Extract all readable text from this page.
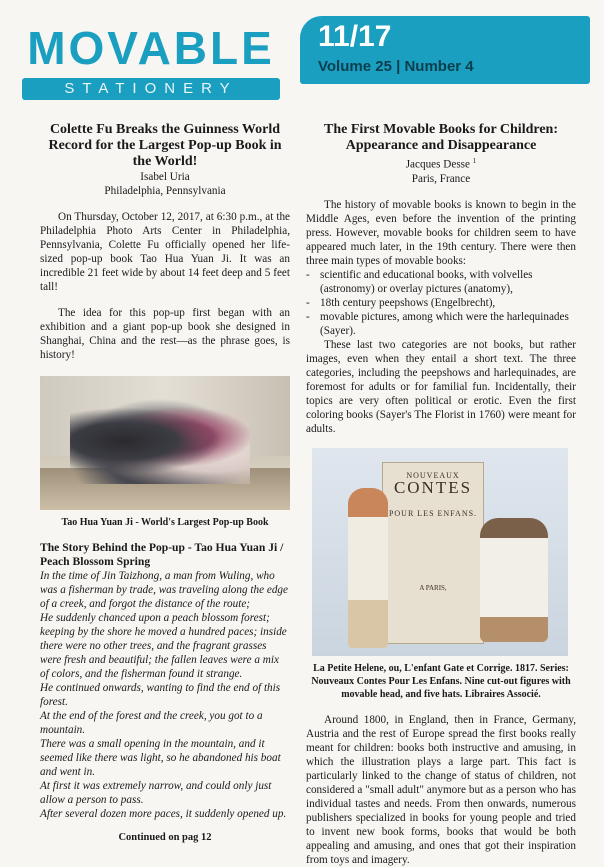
MOVABLE
STATIONERY
11/17
Volume 25 | Number 4

Colette Fu Breaks the Guinness World Record for the Largest Pop-up Book in the World!

Isabel Uria

Philadelphia, Pennsylvania

On Thursday, October 12, 2017, at 6:30 p.m., at the Philadelphia Photo Arts Center in Philadelphia, Pennsylvania, Colette Fu officially opened her life-sized pop-up book Tao Hua Yuan Ji. It was an incredible 21 feet wide by about 14 feet deep and 5 feet tall!

The idea for this pop-up first began with an exhibition and a giant pop-up book she designed in Shanghai, China and the rest—as the phrase goes, is history!

Tao Hua Yuan Ji - World's Largest Pop-up Book

The Story Behind the Pop-up - Tao Hua Yuan Ji / Peach Blossom Spring

In the time of Jin Taizhong, a man from Wuling, who was a fisherman by trade, was traveling along the edge of a creek, and forgot the distance of the route;

He suddenly chanced upon a peach blossom forest; keeping by the shore he moved a hundred paces; inside there were no other trees, and the fragrant grasses were fresh and beautiful; the fallen leaves were a mix of colors, and the fisherman found it strange.

He continued onwards, wanting to find the end of this forest.

At the end of the forest and the creek, you got to a mountain.

There was a small opening in the mountain, and it seemed like there was light, so he abandoned his boat and went in.

At first it was extremely narrow, and could only just allow a person to pass.

After several dozen more paces, it suddenly opened up.

Continued on pag 12

The First Movable Books for Children: Appearance and Disappearance

Jacques Desse $^1$

Paris, France

The history of movable books is known to begin in the Middle Ages, even before the invention of the printing press. However, movable books for children seem to have appeared much later, in the 19th century. There were then three main types of movable books:

- scientific and educational books, with volvelles (astronomy) or overlay pictures (anatomy),
- 18th century peepshows (Engelbrecht),
- movable pictures, among which were the harlequinades (Sayer).

These last two categories are not books, but rather images, even when they entail a short text. The three categories, including the peepshows and harlequinades, are foremost for adults or for familial fun. Incidentally, their topics are very often political or erotic. Even the first coloring books (Sayer's The Florist in 1760) were meant for adults.

NOUVEAUX
CONTES
POUR LES ENFANS.
A PARIS,
La Petite Helene, ou, L'enfant Gate et Corrige. 1817. Series: Nouveaux Contes Pour Les Enfans. Nine cut-out figures with movable head, and five hats. Libraires Associé.

Around 1800, in England, then in France, Germany, Austria and the rest of Europe spread the first books really meant for children: books both instructive and amusing, in which the illustration plays a large part. This fact is particularly linked to the change of status of children, not considered a "small adult" anymore but as a person who has individual tastes and needs. From then onwards, numerous publishers specialized in books for young people and tried to invent new book forms, books that would be both appealing and amusing, and ones that got their inspiration from toys and imagery.
